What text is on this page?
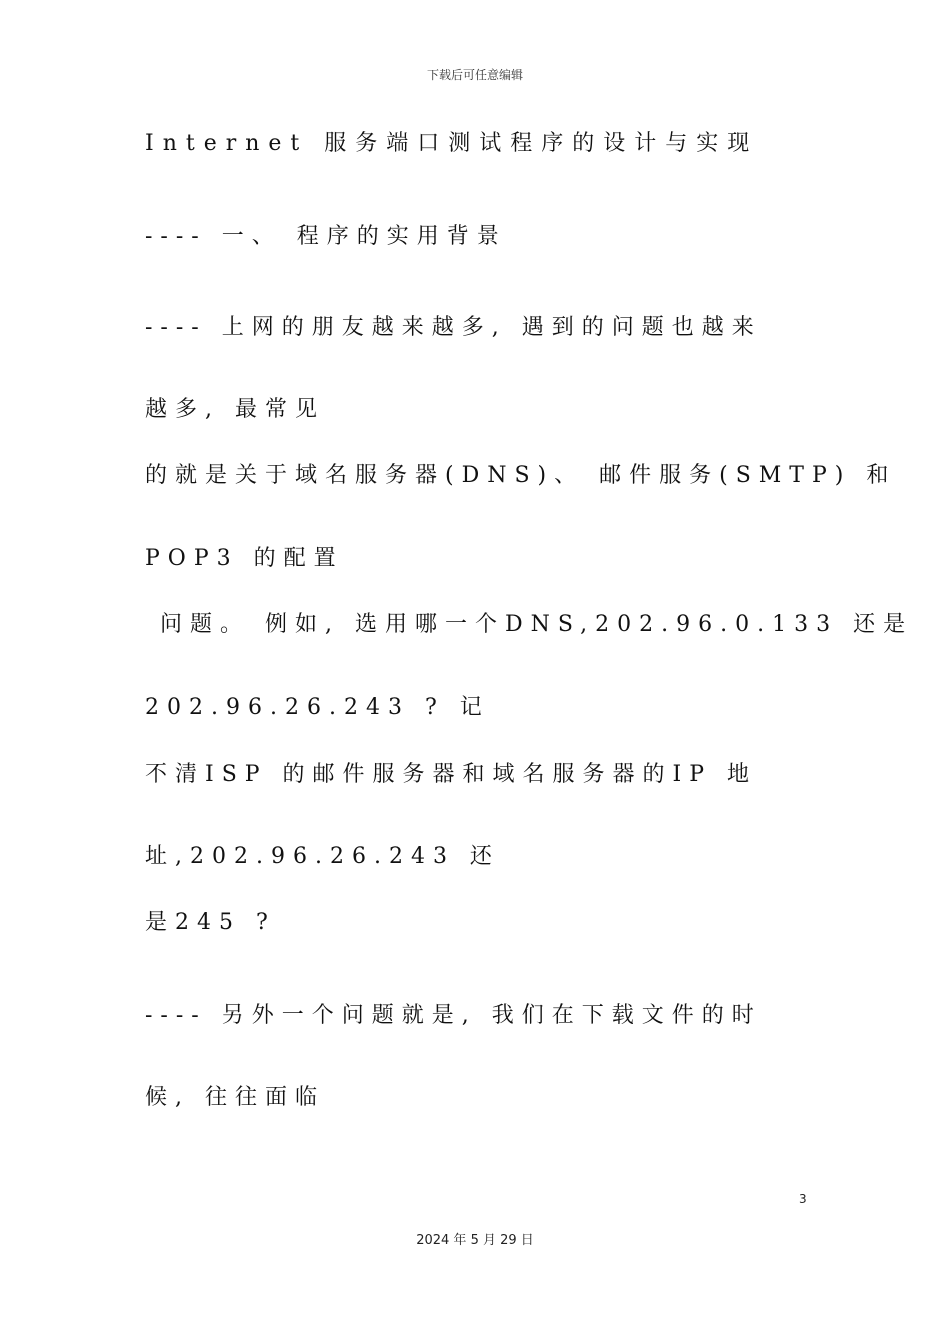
下载后可任意编辑
Internet 服务端口测试程序的设计与实现
---- 一、 程序的实用背景
---- 上网的朋友越来越多, 遇到的问题也越来
越多, 最常见
的就是关于域名服务器(DNS)、 邮件服务(SMTP) 和
POP3 的配置
问题。 例如, 选用哪一个DNS,202.96.0.133 还是
202.96.26.243 ? 记
不清ISP 的邮件服务器和域名服务器的IP 地
址,202.96.26.243 还
是245 ?
---- 另外一个问题就是, 我们在下载文件的时
候, 往往面临
3
2024 年 5 月 29 日
